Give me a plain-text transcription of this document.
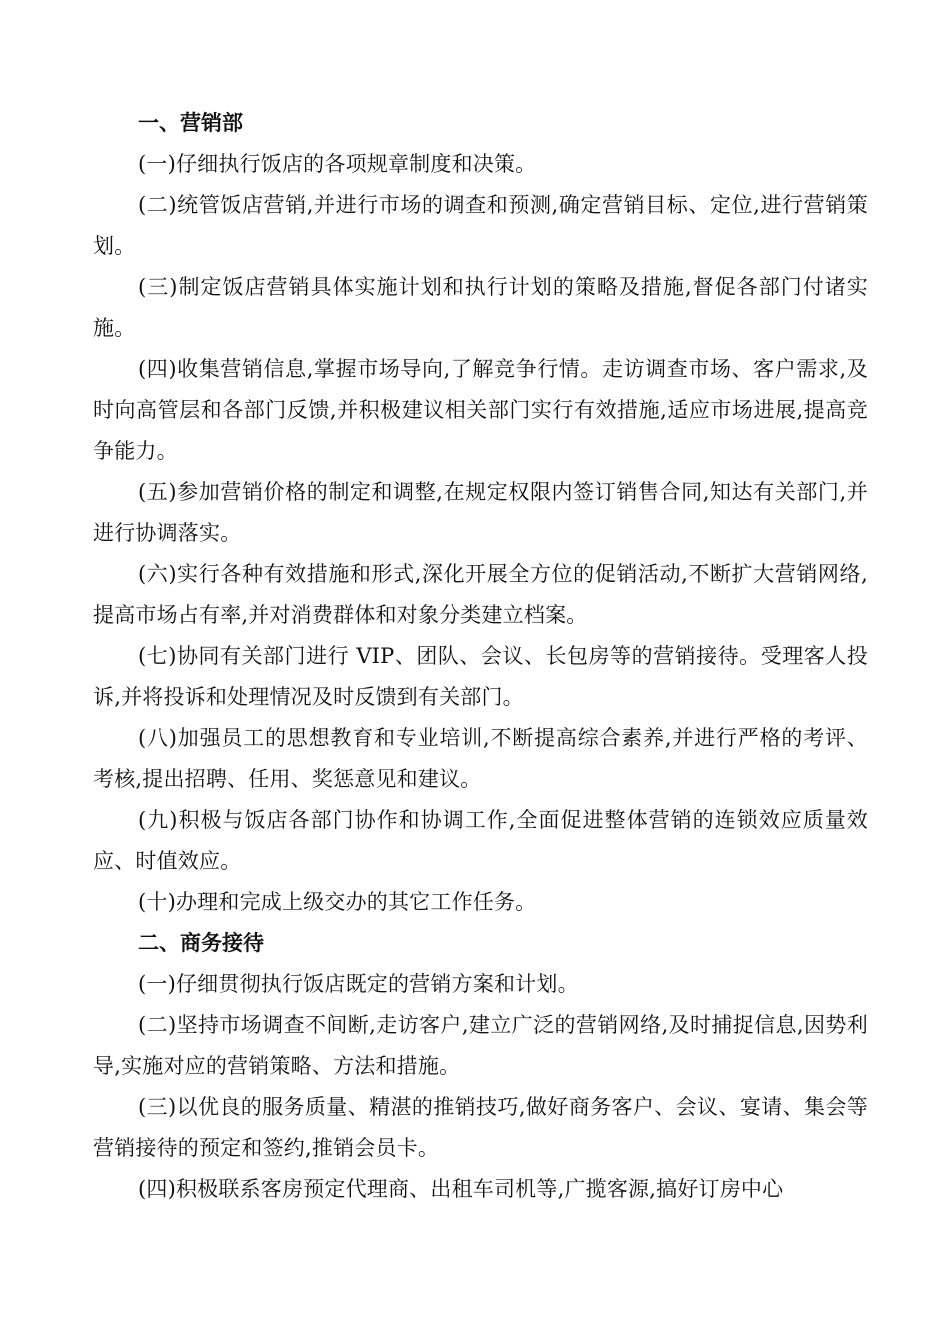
一、营销部

(一)仔细执行饭店的各项规章制度和决策。

(二)统管饭店营销,并进行市场的调查和预测,确定营销目标、定位,进行营销策划。

(三)制定饭店营销具体实施计划和执行计划的策略及措施,督促各部门付诸实施。

(四)收集营销信息,掌握市场导向,了解竞争行情。走访调查市场、客户需求,及时向高管层和各部门反馈,并积极建议相关部门实行有效措施,适应市场进展,提高竞争能力。

(五)参加营销价格的制定和调整,在规定权限内签订销售合同,知达有关部门,并进行协调落实。

(六)实行各种有效措施和形式,深化开展全方位的促销活动,不断扩大营销网络,提高市场占有率,并对消费群体和对象分类建立档案。

(七)协同有关部门进行 VIP、团队、会议、长包房等的营销接待。受理客人投诉,并将投诉和处理情况及时反馈到有关部门。

(八)加强员工的思想教育和专业培训,不断提高综合素养,并进行严格的考评、考核,提出招聘、任用、奖惩意见和建议。

(九)积极与饭店各部门协作和协调工作,全面促进整体营销的连锁效应质量效应、时值效应。

(十)办理和完成上级交办的其它工作任务。

二、商务接待

(一)仔细贯彻执行饭店既定的营销方案和计划。

(二)坚持市场调查不间断,走访客户,建立广泛的营销网络,及时捕捉信息,因势利导,实施对应的营销策略、方法和措施。

(三)以优良的服务质量、精湛的推销技巧,做好商务客户、会议、宴请、集会等营销接待的预定和签约,推销会员卡。

(四)积极联系客房预定代理商、出租车司机等,广揽客源,搞好订房中心
